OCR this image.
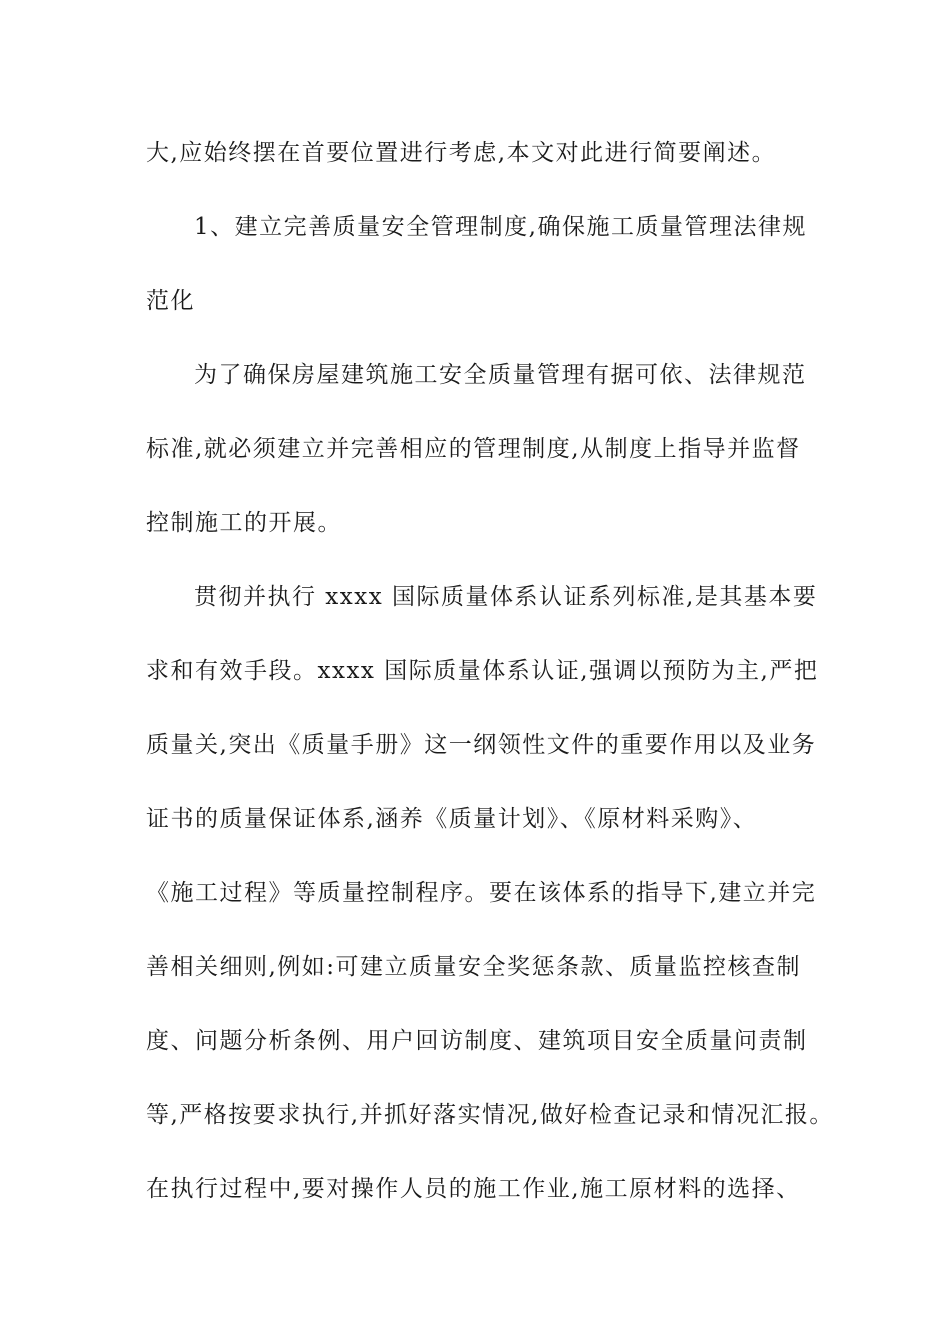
大,应始终摆在首要位置进行考虑,本文对此进行简要阐述。
1、建立完善质量安全管理制度,确保施工质量管理法律规
范化
为了确保房屋建筑施工安全质量管理有据可依、法律规范
标准,就必须建立并完善相应的管理制度,从制度上指导并监督
控制施工的开展。
贯彻并执行 xxxx 国际质量体系认证系列标准,是其基本要
求和有效手段。xxxx 国际质量体系认证,强调以预防为主,严把
质量关,突出《质量手册》这一纲领性文件的重要作用以及业务
证书的质量保证体系,涵养《质量计划》、《原材料采购》、
《施工过程》等质量控制程序。要在该体系的指导下,建立并完
善相关细则,例如:可建立质量安全奖惩条款、质量监控核查制
度、问题分析条例、用户回访制度、建筑项目安全质量问责制
等,严格按要求执行,并抓好落实情况,做好检查记录和情况汇报。
在执行过程中,要对操作人员的施工作业,施工原材料的选择、
